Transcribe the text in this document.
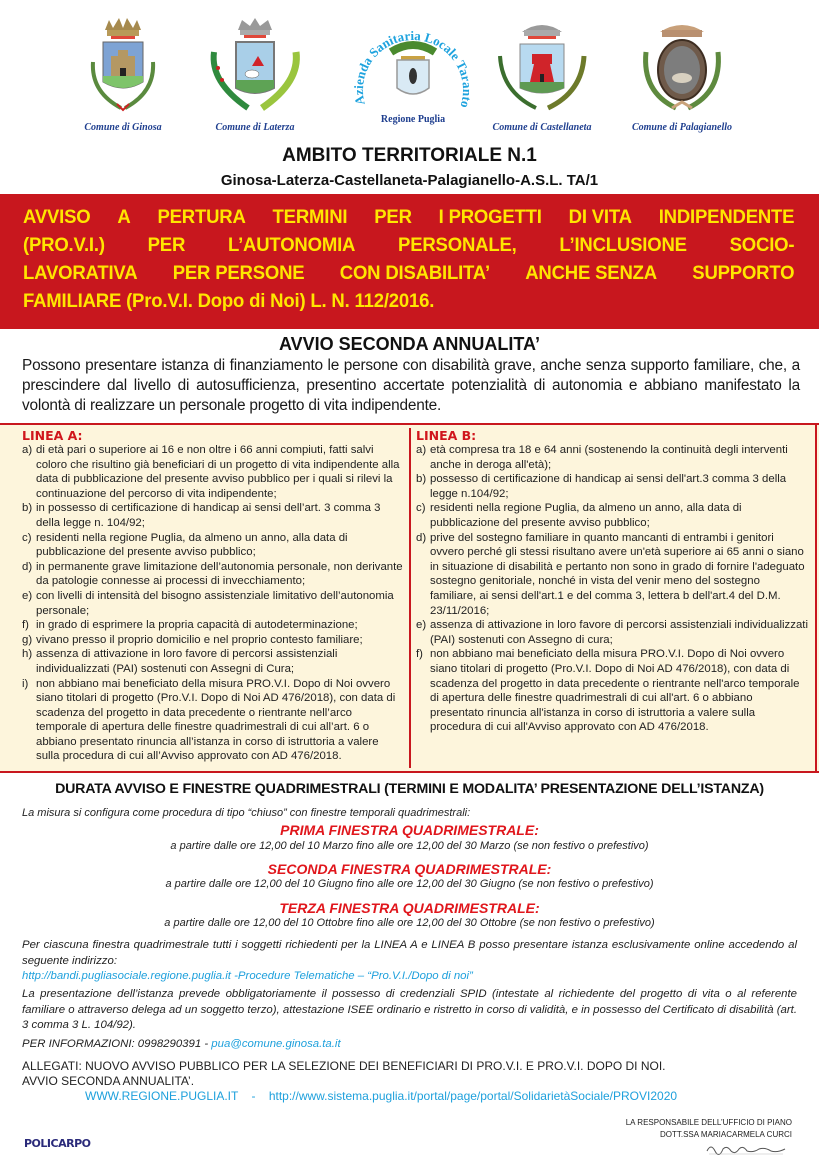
Comune di Ginosa	Comune di Laterza
Azienda Sanitaria Locale Taranto
Regione Puglia
Comune di Castellaneta	Comune di Palagianello
AMBITO TERRITORIALE N.1
Ginosa-Laterza-Castellaneta-Palagianello-A.S.L. TA/1
AVVISO A PERTURA TERMINI PER I PROGETTI DI VITA INDIPENDENTE
(PRO.V.I.) PER L’AUTONOMIA PERSONALE, L’INCLUSIONE SOCIO-
LAVORATIVA PER PERSONE CON DISABILITA’ ANCHE SENZA SUPPORTO
FAMILIARE (Pro.V.I. Dopo di Noi) L. N. 112/2016.
AVVIO SECONDA ANNUALITA’
Possono presentare istanza di finanziamento le persone con disabilità grave, anche senza supporto familiare, che, a prescindere dal livello di autosufficienza, presentino accertate potenzialità di autonomia e abbiano manifestato la volontà di realizzare un personale progetto di vita indipendente.
LINEA A:
a) di età pari o superiore ai 16 e non oltre i 66 anni compiuti, fatti salvi coloro che risultino già beneficiari di un progetto di vita indipendente alla data di pubblicazione del presente avviso pubblico per i quali si rilevi la continuazione del percorso di vita indipendente;
b) in possesso di certificazione di handicap ai sensi dell’art. 3 comma 3 della legge n. 104/92;
c) residenti nella regione Puglia, da almeno un anno, alla data di pubblicazione del presente avviso pubblico;
d) in permanente grave limitazione dell’autonomia personale, non derivante da patologie connesse ai processi di invecchiamento;
e) con livelli di intensità del bisogno assistenziale limitativo dell’autonomia personale;
f) in grado di esprimere la propria capacità di autodeterminazione;
g) vivano presso il proprio domicilio e nel proprio contesto familiare;
h) assenza di attivazione in loro favore di percorsi assistenziali individualizzati (PAI) sostenuti con Assegni di Cura;
i) non abbiano mai beneficiato della misura PRO.V.I. Dopo di Noi ovvero siano titolari di progetto (Pro.V.I. Dopo di Noi AD 476/2018), con data di scadenza del progetto in data precedente o rientrante nell’arco temporale di apertura delle finestre quadrimestrali di cui all’art. 6 o abbiano presentato rinuncia all’istanza in corso di istruttoria a valere sulla procedura di cui all’Avviso approvato con AD 476/2018.
LINEA B:
a) età compresa tra 18 e 64 anni (sostenendo la continuità degli interventi anche in deroga all'età);
b) possesso di certificazione di handicap ai sensi dell'art.3 comma 3 della legge n.104/92;
c) residenti nella regione Puglia, da almeno un anno, alla data di pubblicazione del presente avviso pubblico;
d) prive del sostegno familiare in quanto mancanti di entrambi i genitori ovvero perché gli stessi risultano avere un'età superiore ai 65 anni o siano in situazione di disabilità e pertanto non sono in grado di fornire l'adeguato sostegno genitoriale, nonché in vista del venir meno del sostegno familiare, ai sensi dell'art.1 e del comma 3, lettera b dell'art.4 del D.M. 23/11/2016;
e) assenza di attivazione in loro favore di percorsi assistenziali individualizzati (PAI) sostenuti con Assegno di cura;
f) non abbiano mai beneficiato della misura PRO.V.I. Dopo di Noi ovvero siano titolari di progetto (Pro.V.I. Dopo di Noi AD 476/2018), con data di scadenza del progetto in data precedente o rientrante nell'arco temporale di apertura delle finestre quadrimestrali di cui all'art. 6 o abbiano presentato rinuncia all'istanza in corso di istruttoria a valere sulla procedura di cui all'Avviso approvato con AD 476/2018.
DURATA AVVISO E FINESTRE QUADRIMESTRALI (TERMINI E MODALITA’ PRESENTAZIONE DELL’ISTANZA)
La misura si configura come procedura di tipo “chiuso” con finestre temporali quadrimestrali:
PRIMA FINESTRA QUADRIMESTRALE:
a partire dalle ore 12,00 del 10 Marzo fino alle ore 12,00 del 30 Marzo (se non festivo o prefestivo)
SECONDA FINESTRA QUADRIMESTRALE:
a partire dalle ore 12,00 del 10 Giugno fino alle ore 12,00 del 30 Giugno (se non festivo o prefestivo)
TERZA FINESTRA QUADRIMESTRALE:
a partire dalle ore 12,00 del 10 Ottobre fino alle ore 12,00 del 30 Ottobre (se non festivo o prefestivo)
Per ciascuna finestra quadrimestrale tutti i soggetti richiedenti per la LINEA A e LINEA B posso presentare istanza esclusivamente online accedendo al seguente indirizzo:
http://bandi.pugliasociale.regione.puglia.it -Procedure Telematiche – “Pro.V.I./Dopo di noi”
La presentazione dell’istanza prevede obbligatoriamente il possesso di credenziali SPID (intestate al richiedente del progetto di vita o al referente familiare o attraverso delega ad un soggetto terzo), attestazione ISEE ordinario e ristretto in corso di validità, e in possesso del Certificato di disabilità (art. 3 comma 3 L. 104/92).
PER INFORMAZIONI: 0998290391 - pua@comune.ginosa.ta.it
ALLEGATI: NUOVO AVVISO PUBBLICO PER LA SELEZIONE DEI BENEFICIARI DI PRO.V.I. E PRO.V.I. DOPO DI NOI.
AVVIO SECONDA ANNUALITA’.
WWW.REGIONE.PUGLIA.IT - http://www.sistema.puglia.it/portal/page/portal/SolidarietàSociale/PROVI2020
LA RESPONSABILE DELL’UFFICIO DI PIANO
DOTT.SSA MARIACARMELA CURCI
POLICARPO
